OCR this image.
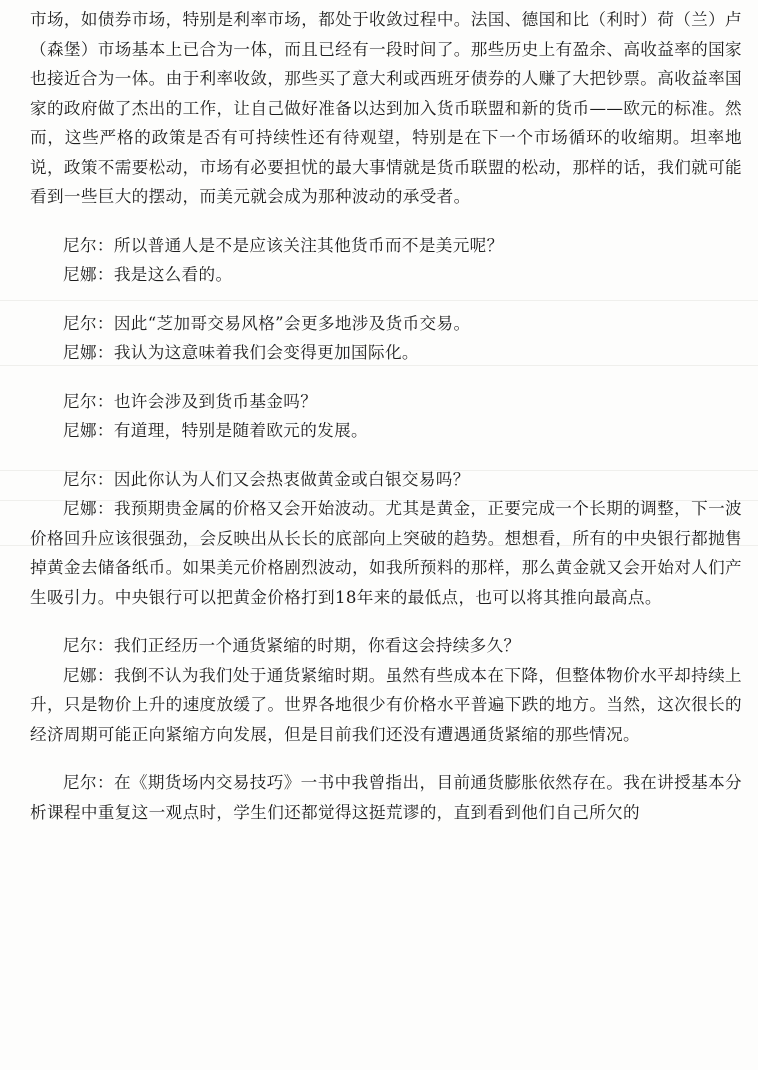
市场，如债券市场，特别是利率市场，都处于收敛过程中。法国、德国和比（利时）荷（兰）卢（森堡）市场基本上已合为一体，而且已经有一段时间了。那些历史上有盈余、高收益率的国家也接近合为一体。由于利率收敛，那些买了意大利或西班牙债券的人赚了大把钞票。高收益率国家的政府做了杰出的工作，让自己做好准备以达到加入货币联盟和新的货币——欧元的标准。然而，这些严格的政策是否有可持续性还有待观望，特别是在下一个市场循环的收缩期。坦率地说，政策不需要松动，市场有必要担忧的最大事情就是货币联盟的松动，那样的话，我们就可能看到一些巨大的摆动，而美元就会成为那种波动的承受者。

尼尔：所以普通人是不是应该关注其他货币而不是美元呢？

尼娜：我是这么看的。

尼尔：因此“芝加哥交易风格”会更多地涉及货币交易。

尼娜：我认为这意味着我们会变得更加国际化。

尼尔：也许会涉及到货币基金吗？

尼娜：有道理，特别是随着欧元的发展。

尼尔：因此你认为人们又会热衷做黄金或白银交易吗？

尼娜：我预期贵金属的价格又会开始波动。尤其是黄金，正要完成一个长期的调整，下一波价格回升应该很强劲，会反映出从长长的底部向上突破的趋势。想想看，所有的中央银行都抛售掉黄金去储备纸币。如果美元价格剧烈波动，如我所预料的那样，那么黄金就又会开始对人们产生吸引力。中央银行可以把黄金价格打到18年来的最低点，也可以将其推向最高点。

尼尔：我们正经历一个通货紧缩的时期，你看这会持续多久？

尼娜：我倒不认为我们处于通货紧缩时期。虽然有些成本在下降，但整体物价水平却持续上升，只是物价上升的速度放缓了。世界各地很少有价格水平普遍下跌的地方。当然，这次很长的经济周期可能正向紧缩方向发展，但是目前我们还没有遭遇通货紧缩的那些情况。

尼尔：在《期货场内交易技巧》一书中我曾指出，目前通货膨胀依然存在。我在讲授基本分析课程中重复这一观点时，学生们还都觉得这挺荒谬的，直到看到他们自己所欠的
